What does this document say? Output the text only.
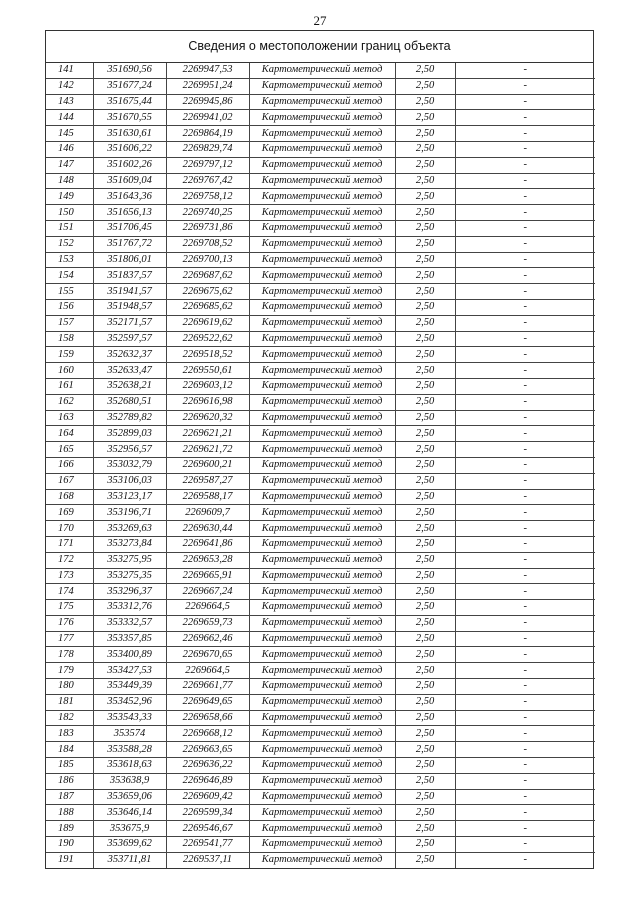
27
Сведения о местоположении границ объекта
141	351690,56	2269947,53	Картометрический метод	2,50	-
142	351677,24	2269951,24	Картометрический метод	2,50	-
143	351675,44	2269945,86	Картометрический метод	2,50	-
144	351670,55	2269941,02	Картометрический метод	2,50	-
145	351630,61	2269864,19	Картометрический метод	2,50	-
146	351606,22	2269829,74	Картометрический метод	2,50	-
147	351602,26	2269797,12	Картометрический метод	2,50	-
148	351609,04	2269767,42	Картометрический метод	2,50	-
149	351643,36	2269758,12	Картометрический метод	2,50	-
150	351656,13	2269740,25	Картометрический метод	2,50	-
151	351706,45	2269731,86	Картометрический метод	2,50	-
152	351767,72	2269708,52	Картометрический метод	2,50	-
153	351806,01	2269700,13	Картометрический метод	2,50	-
154	351837,57	2269687,62	Картометрический метод	2,50	-
155	351941,57	2269675,62	Картометрический метод	2,50	-
156	351948,57	2269685,62	Картометрический метод	2,50	-
157	352171,57	2269619,62	Картометрический метод	2,50	-
158	352597,57	2269522,62	Картометрический метод	2,50	-
159	352632,37	2269518,52	Картометрический метод	2,50	-
160	352633,47	2269550,61	Картометрический метод	2,50	-
161	352638,21	2269603,12	Картометрический метод	2,50	-
162	352680,51	2269616,98	Картометрический метод	2,50	-
163	352789,82	2269620,32	Картометрический метод	2,50	-
164	352899,03	2269621,21	Картометрический метод	2,50	-
165	352956,57	2269621,72	Картометрический метод	2,50	-
166	353032,79	2269600,21	Картометрический метод	2,50	-
167	353106,03	2269587,27	Картометрический метод	2,50	-
168	353123,17	2269588,17	Картометрический метод	2,50	-
169	353196,71	2269609,7	Картометрический метод	2,50	-
170	353269,63	2269630,44	Картометрический метод	2,50	-
171	353273,84	2269641,86	Картометрический метод	2,50	-
172	353275,95	2269653,28	Картометрический метод	2,50	-
173	353275,35	2269665,91	Картометрический метод	2,50	-
174	353296,37	2269667,24	Картометрический метод	2,50	-
175	353312,76	2269664,5	Картометрический метод	2,50	-
176	353332,57	2269659,73	Картометрический метод	2,50	-
177	353357,85	2269662,46	Картометрический метод	2,50	-
178	353400,89	2269670,65	Картометрический метод	2,50	-
179	353427,53	2269664,5	Картометрический метод	2,50	-
180	353449,39	2269661,77	Картометрический метод	2,50	-
181	353452,96	2269649,65	Картометрический метод	2,50	-
182	353543,33	2269658,66	Картометрический метод	2,50	-
183	353574	2269668,12	Картометрический метод	2,50	-
184	353588,28	2269663,65	Картометрический метод	2,50	-
185	353618,63	2269636,22	Картометрический метод	2,50	-
186	353638,9	2269646,89	Картометрический метод	2,50	-
187	353659,06	2269609,42	Картометрический метод	2,50	-
188	353646,14	2269599,34	Картометрический метод	2,50	-
189	353675,9	2269546,67	Картометрический метод	2,50	-
190	353699,62	2269541,77	Картометрический метод	2,50	-
191	353711,81	2269537,11	Картометрический метод	2,50	-
